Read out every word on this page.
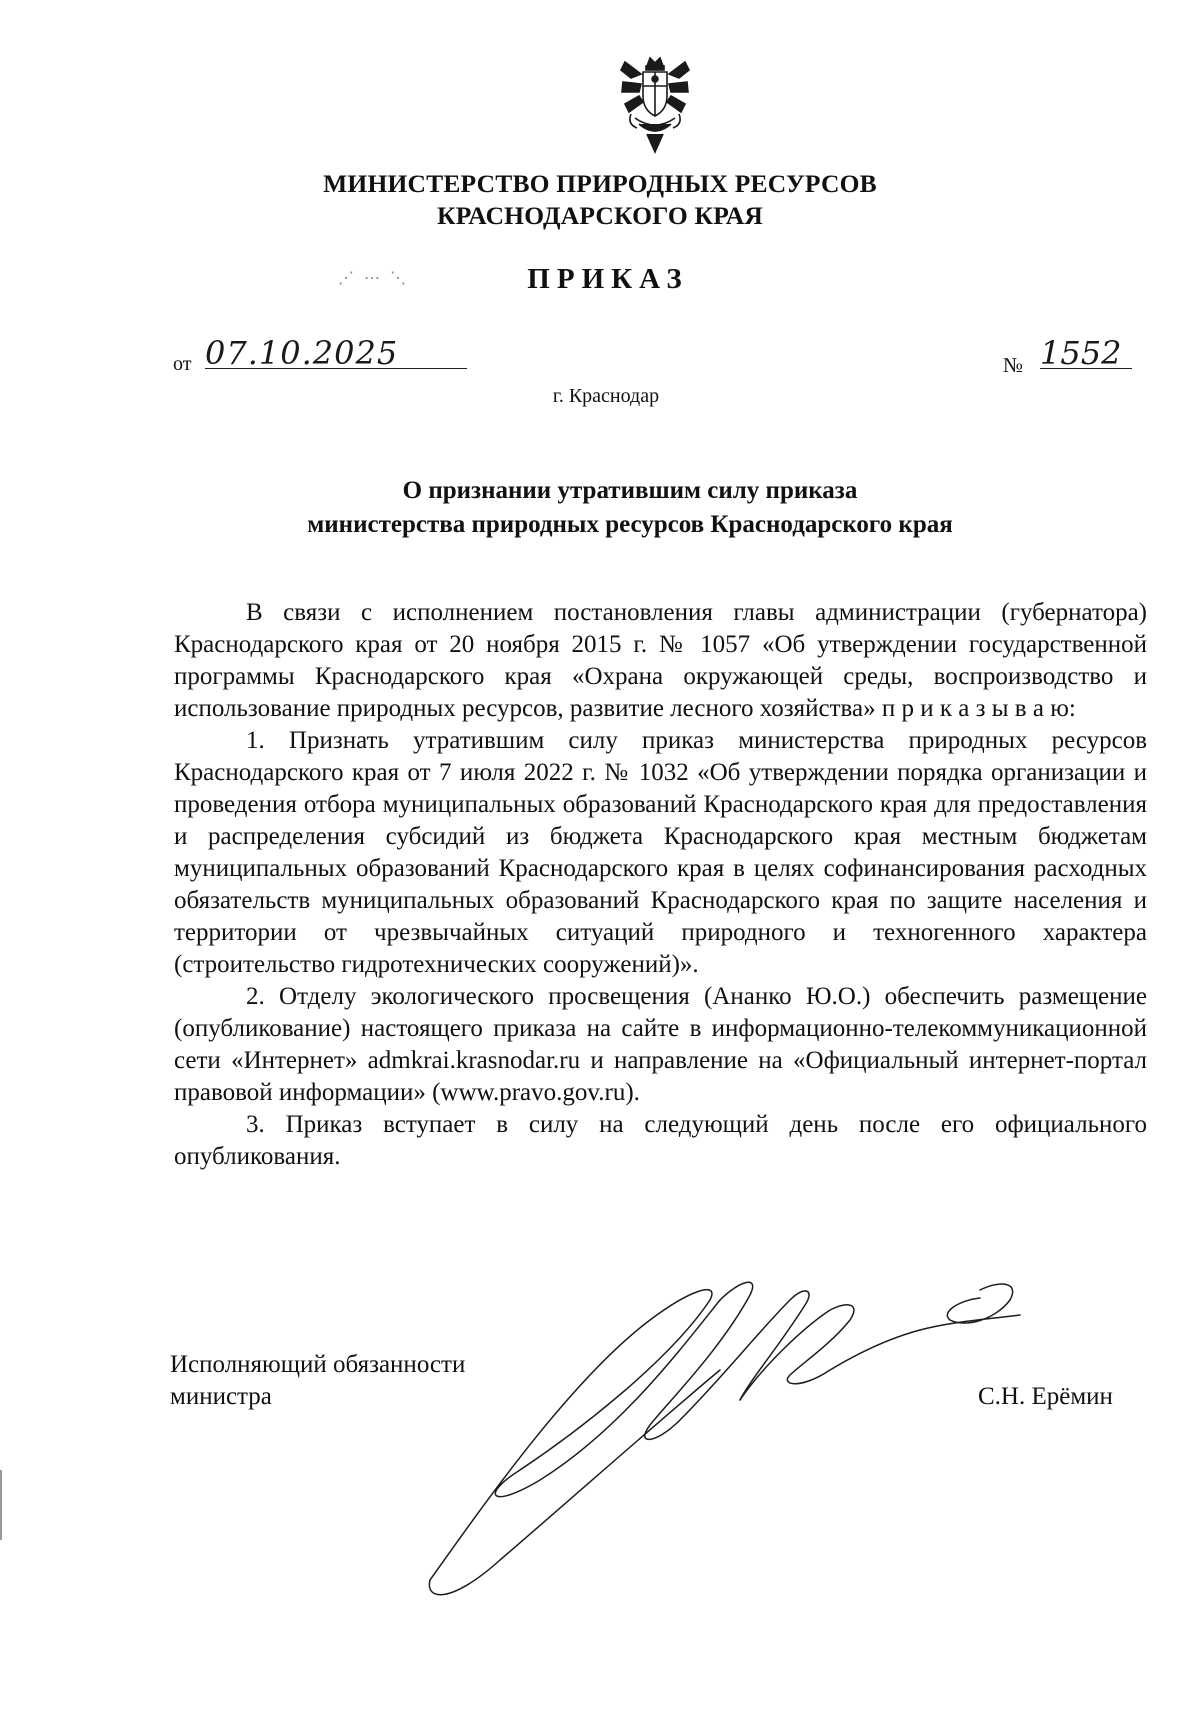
МИНИСТЕРСТВО ПРИРОДНЫХ РЕСУРСОВ
КРАСНОДАРСКОГО КРАЯ
⋰ ⋯ ⋱	ПРИКАЗ
от 07.10.2025	№ 1552
г. Краснодар
О признании утратившим силу приказа
министерства природных ресурсов Краснодарского края

В связи с исполнением постановления главы администрации (губернатора) Краснодарского края от 20 ноября 2015 г. № 1057 «Об утверждении государственной программы Краснодарского края «Охрана окружающей среды, воспроизводство и использование природных ресурсов, развитие лесного хозяйства» п р и к а з ы в а ю:

1. Признать утратившим силу приказ министерства природных ресурсов Краснодарского края от 7 июля 2022 г. № 1032 «Об утверждении порядка организации и проведения отбора муниципальных образований Краснодарского края для предоставления и распределения субсидий из бюджета Краснодарского края местным бюджетам муниципальных образований Краснодарского края в целях софинансирования расходных обязательств муниципальных образований Краснодарского края по защите населения и территории от чрезвычайных ситуаций природного и техногенного характера (строительство гидротехнических сооружений)».

2. Отделу экологического просвещения (Ананко Ю.О.) обеспечить размещение (опубликование) настоящего приказа на сайте в информационно-телекоммуникационной сети «Интернет» admkrai.krasnodar.ru и направление на «Официальный интернет-портал правовой информации» (www.pravo.gov.ru).

3. Приказ вступает в силу на следующий день после его официального опубликования.

Исполняющий обязанности
министра	С.Н. Ерёмин
